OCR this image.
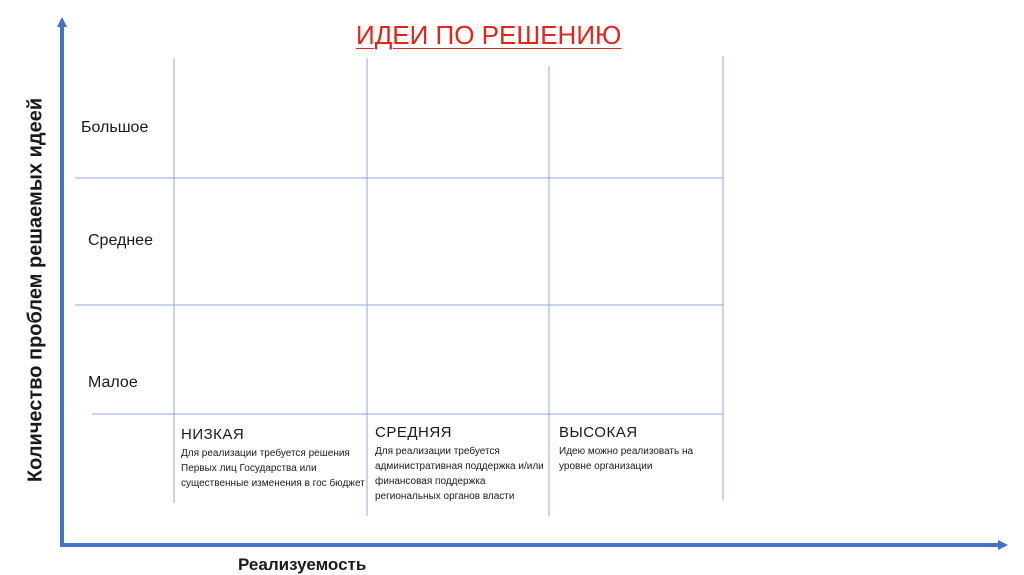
ИДЕИ ПО РЕШЕНИЮ
Количество проблем решаемых идеей
Реализуемость
Большое
Среднее
Малое
НИЗКАЯ
Для реализации требуется решения Первых лиц Государства или существенные изменения в гос бюджет
СРЕДНЯЯ
Для реализации требуется административная поддержка и/или финансовая поддержка региональных органов власти
ВЫСОКАЯ
Идею можно реализовать на уровне организации
